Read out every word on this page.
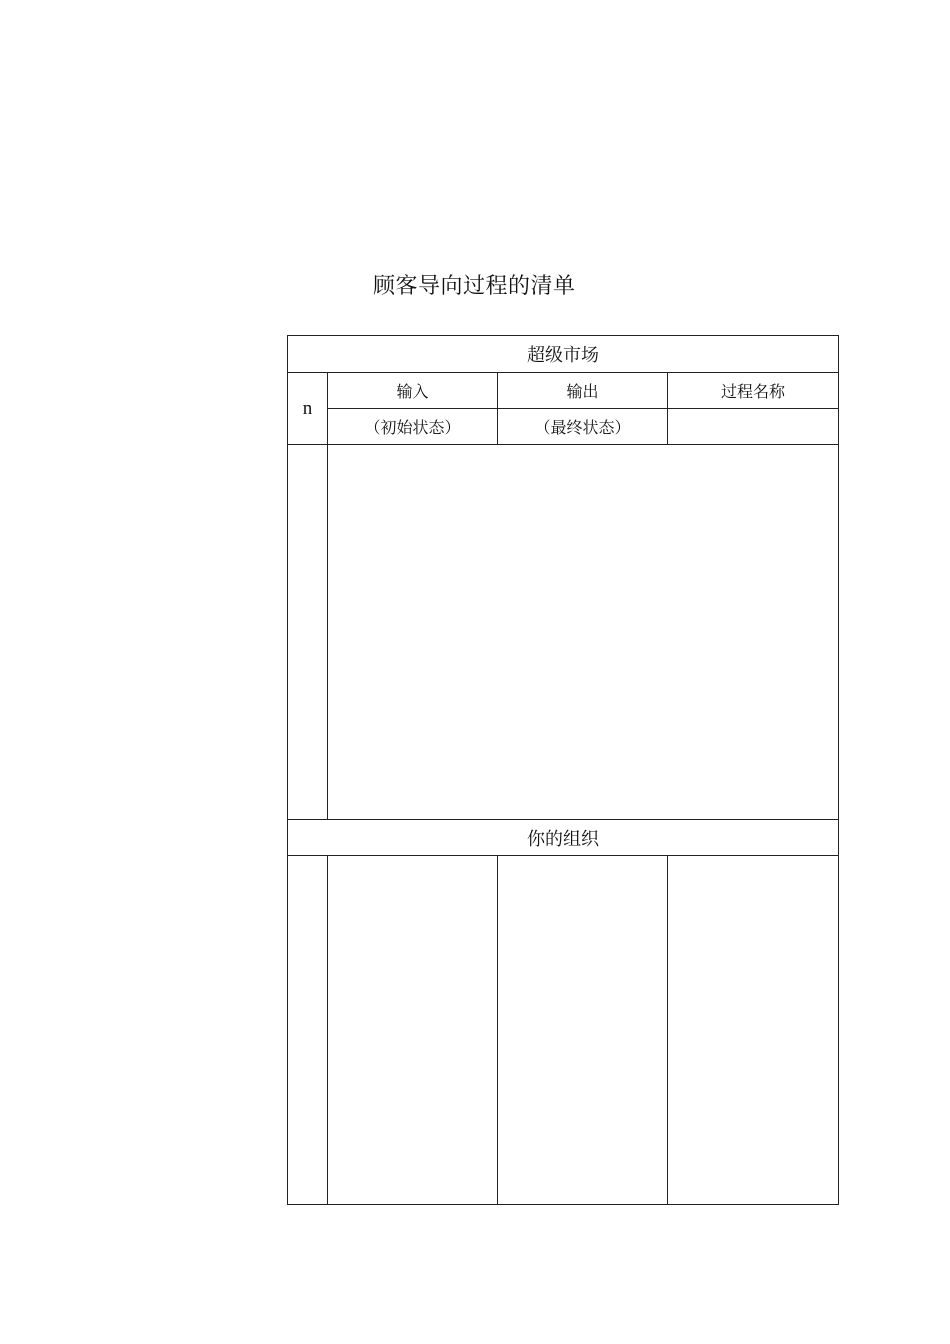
顾客导向过程的清单
超级市场
n
输入	输出	过程名称
（初始状态）	（最终状态）
你的组织
